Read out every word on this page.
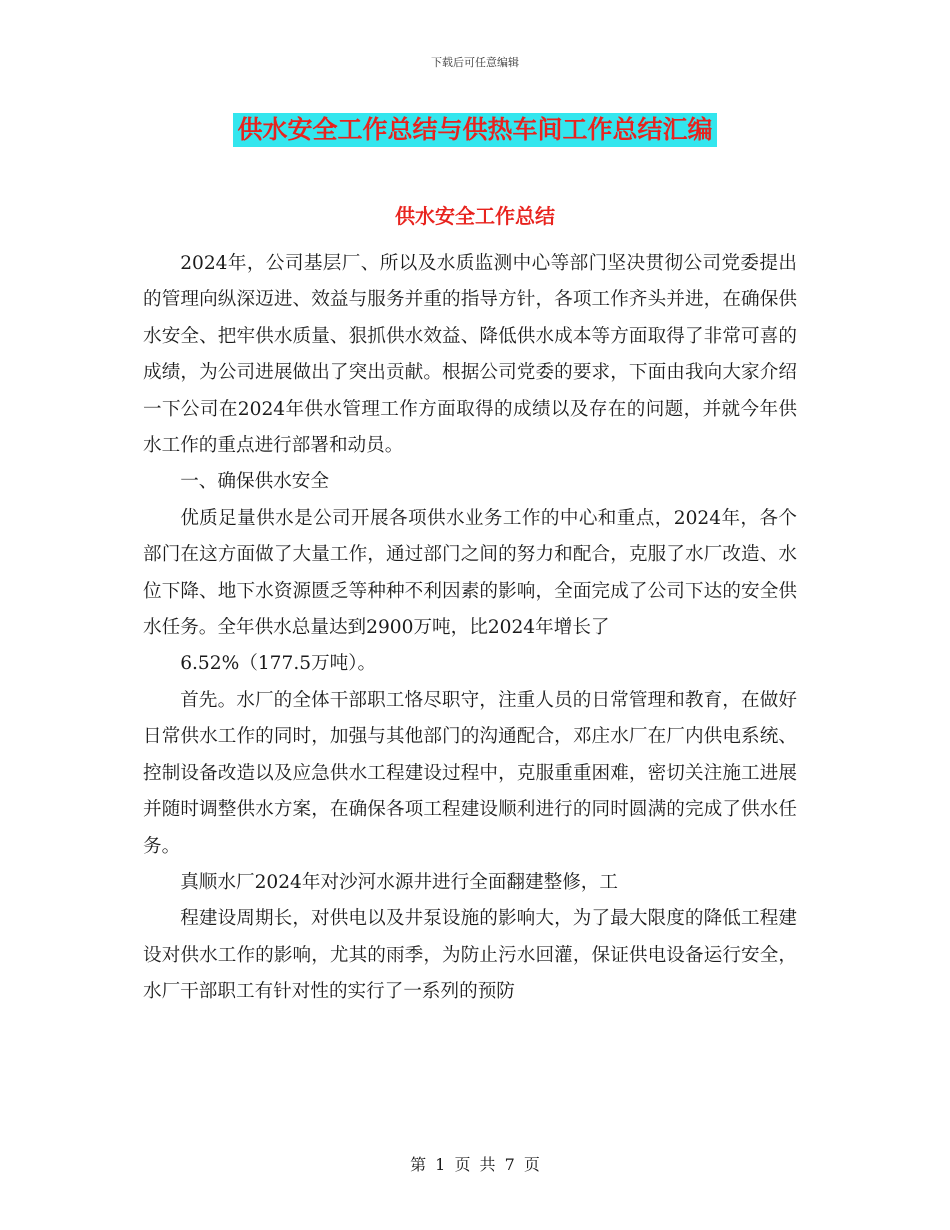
下载后可任意编辑
供水安全工作总结与供热车间工作总结汇编
供水安全工作总结

2024年，公司基层厂、所以及水质监测中心等部门坚决贯彻公司党委提出的管理向纵深迈进、效益与服务并重的指导方针，各项工作齐头并进，在确保供水安全、把牢供水质量、狠抓供水效益、降低供水成本等方面取得了非常可喜的成绩，为公司进展做出了突出贡献。根据公司党委的要求，下面由我向大家介绍一下公司在2024年供水管理工作方面取得的成绩以及存在的问题，并就今年供水工作的重点进行部署和动员。

一、确保供水安全

优质足量供水是公司开展各项供水业务工作的中心和重点，2024年，各个部门在这方面做了大量工作，通过部门之间的努力和配合，克服了水厂改造、水位下降、地下水资源匮乏等种种不利因素的影响，全面完成了公司下达的安全供水任务。全年供水总量达到2900万吨，比2024年增长了

6.52%（177.5万吨）。

首先。水厂的全体干部职工恪尽职守，注重人员的日常管理和教育，在做好日常供水工作的同时，加强与其他部门的沟通配合，邓庄水厂在厂内供电系统、控制设备改造以及应急供水工程建设过程中，克服重重困难，密切关注施工进展并随时调整供水方案，在确保各项工程建设顺利进行的同时圆满的完成了供水任务。

真顺水厂2024年对沙河水源井进行全面翻建整修，工

程建设周期长，对供电以及井泵设施的影响大，为了最大限度的降低工程建设对供水工作的影响，尤其的雨季，为防止污水回灌，保证供电设备运行安全，水厂干部职工有针对性的实行了一系列的预防

第 1 页 共 7 页
